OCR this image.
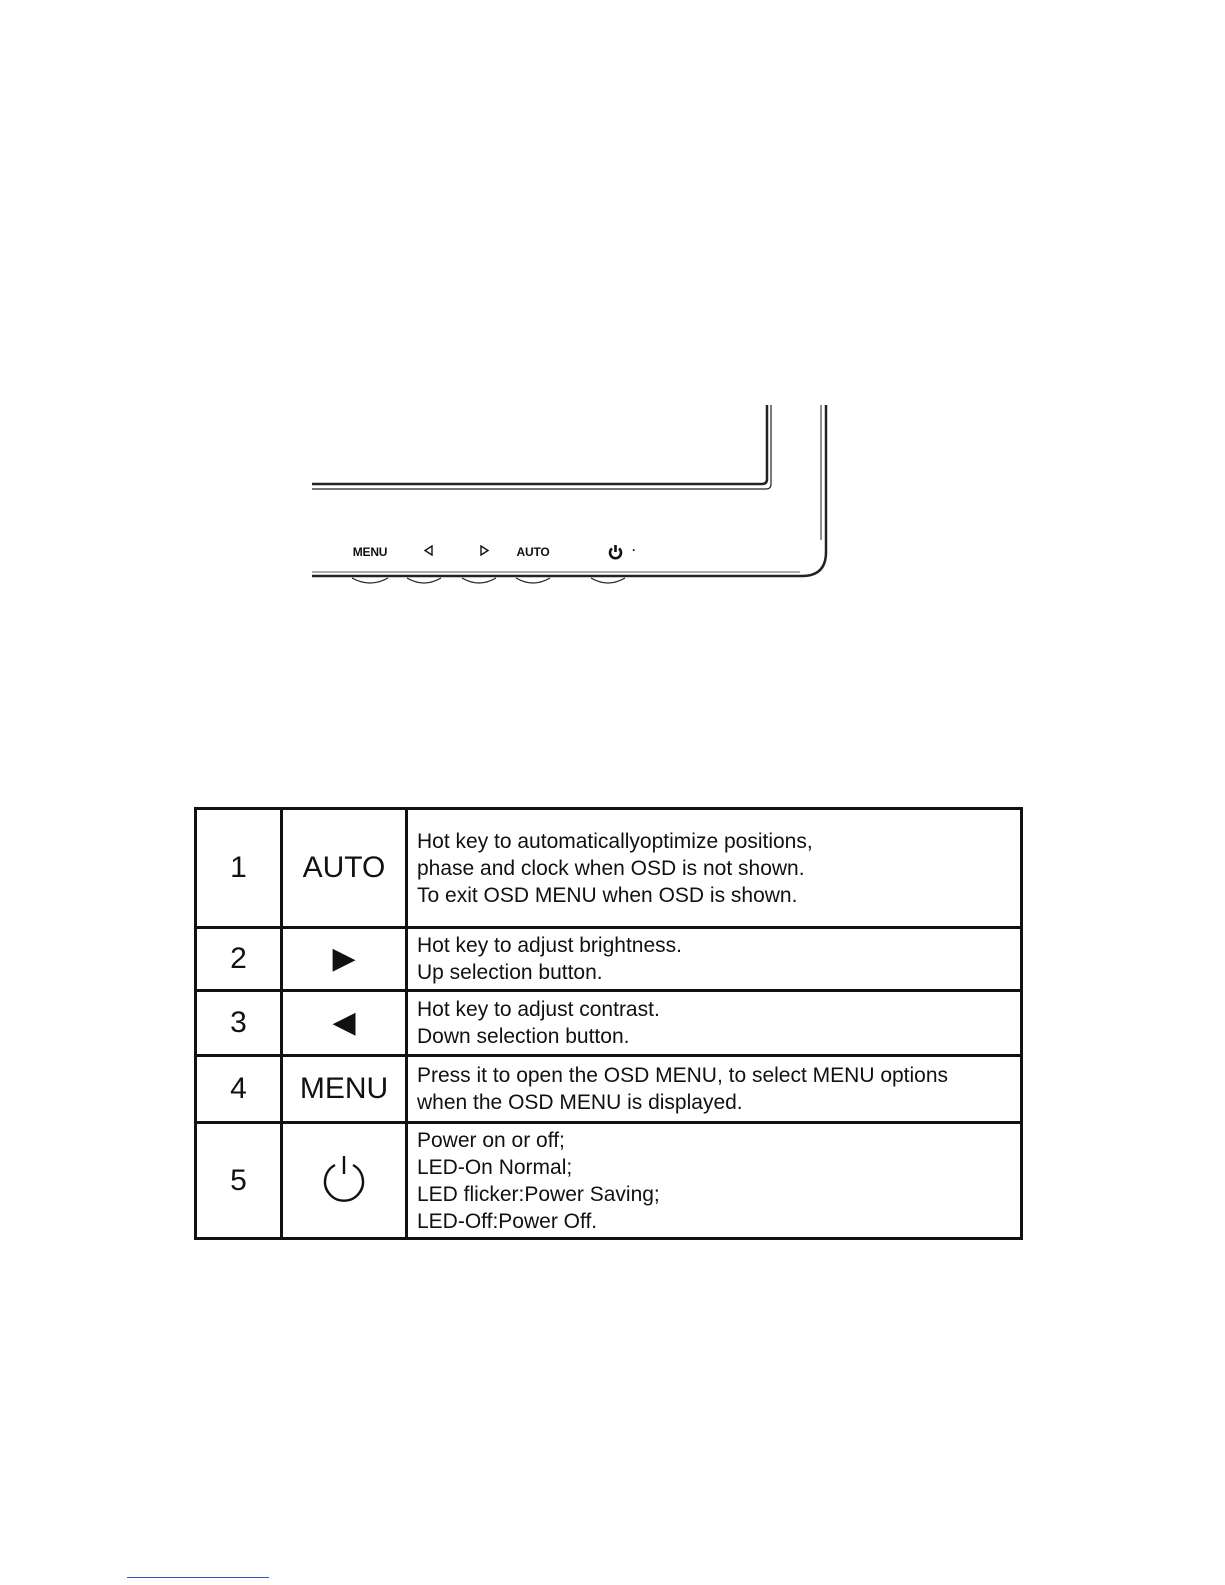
MENU	AUTO	·
1	AUTO	Hot key to automaticallyoptimize positions,
phase and clock when OSD is not shown.
To exit OSD MENU when OSD is shown.

2	▶	Hot key to adjust brightness.
Up selection button.

3	◀	Hot key to adjust contrast.
Down selection button.

4	MENU	Press it to open the OSD MENU, to select MENU options
when the OSD MENU is displayed.

5		Power on or off;
LED-On Normal;
LED flicker:Power Saving;
LED-Off:Power Off.
